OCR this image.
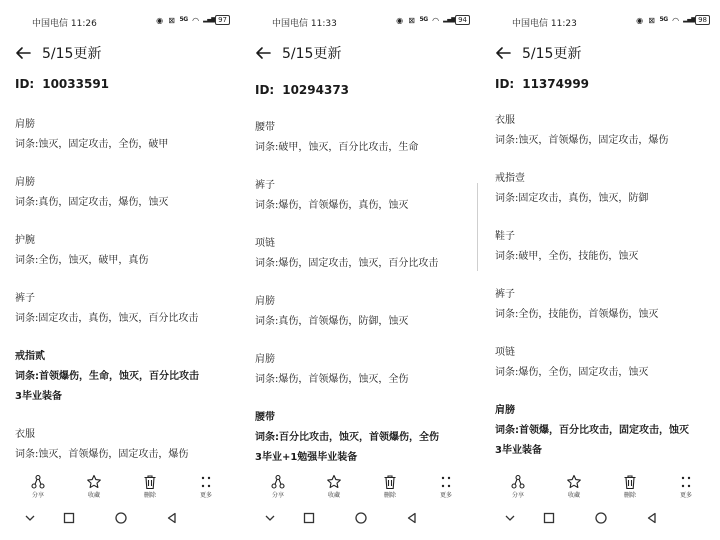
中国电信 11:26	◉ ⊠ 5G ◠ ▂▄▆ 97
5/15更新
ID: 10033591
肩膀
词条:蚀灭，固定攻击，全伤，破甲
肩膀
词条:真伤，固定攻击，爆伤，蚀灭
护腕
词条:全伤，蚀灭，破甲，真伤
裤子
词条:固定攻击，真伤，蚀灭，百分比攻击
戒指贰
词条:首领爆伤，生命，蚀灭，百分比攻击
3毕业装备
衣服
词条:蚀灭，首领爆伤，固定攻击，爆伤
分享	收藏	删除	更多
中国电信 11:33	◉ ⊠ 5G ◠ ▂▄▆ 94
5/15更新
ID: 10294373
腰带
词条:破甲，蚀灭，百分比攻击，生命
裤子
词条:爆伤，首领爆伤，真伤，蚀灭
项链
词条:爆伤，固定攻击，蚀灭，百分比攻击
肩膀
词条:真伤，首领爆伤，防御，蚀灭
肩膀
词条:爆伤，首领爆伤，蚀灭，全伤
腰带
词条:百分比攻击，蚀灭，首领爆伤，全伤
3毕业+1勉强毕业装备
分享	收藏	删除	更多
中国电信 11:23	◉ ⊠ 5G ◠ ▂▄▆ 98
5/15更新
ID: 11374999
衣服
词条:蚀灭，首领爆伤，固定攻击，爆伤
戒指壹
词条:固定攻击，真伤，蚀灭，防御
鞋子
词条:破甲，全伤，技能伤，蚀灭
裤子
词条:全伤，技能伤，首领爆伤，蚀灭
项链
词条:爆伤，全伤，固定攻击，蚀灭
肩膀
词条:首领爆，百分比攻击，固定攻击，蚀灭
3毕业装备
分享	收藏	删除	更多
